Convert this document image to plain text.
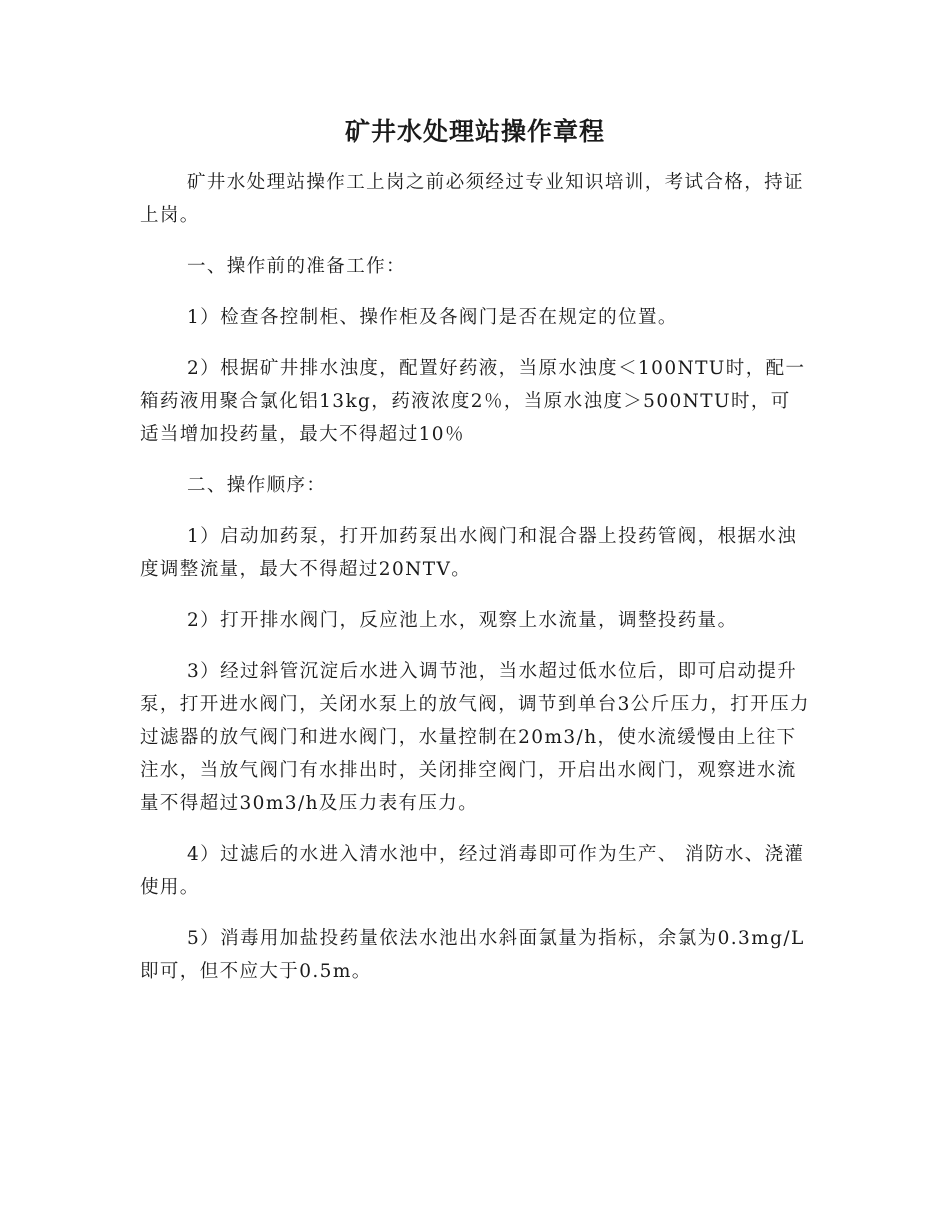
矿井水处理站操作章程

矿井水处理站操作工上岗之前必须经过专业知识培训，考试合格，持证上岗。

一、操作前的准备工作：

1）检查各控制柜、操作柜及各阀门是否在规定的位置。

2）根据矿井排水浊度，配置好药液，当原水浊度＜100NTU时，配一箱药液用聚合氯化铝13kg，药液浓度2％，当原水浊度＞500NTU时，可适当增加投药量，最大不得超过10％

二、操作顺序：

1）启动加药泵，打开加药泵出水阀门和混合器上投药管阀，根据水浊度调整流量，最大不得超过20NTV。

2）打开排水阀门，反应池上水，观察上水流量，调整投药量。

3）经过斜管沉淀后水进入调节池，当水超过低水位后，即可启动提升泵，打开进水阀门，关闭水泵上的放气阀，调节到单台3公斤压力，打开压力过滤器的放气阀门和进水阀门，水量控制在20m3/h，使水流缓慢由上往下注水，当放气阀门有水排出时，关闭排空阀门，开启出水阀门，观察进水流量不得超过30m3/h及压力表有压力。

4）过滤后的水进入清水池中，经过消毒即可作为生产、 消防水、浇灌使用。

5）消毒用加盐投药量依法水池出水斜面氯量为指标，余氯为0.3mg/L即可，但不应大于0.5m。
